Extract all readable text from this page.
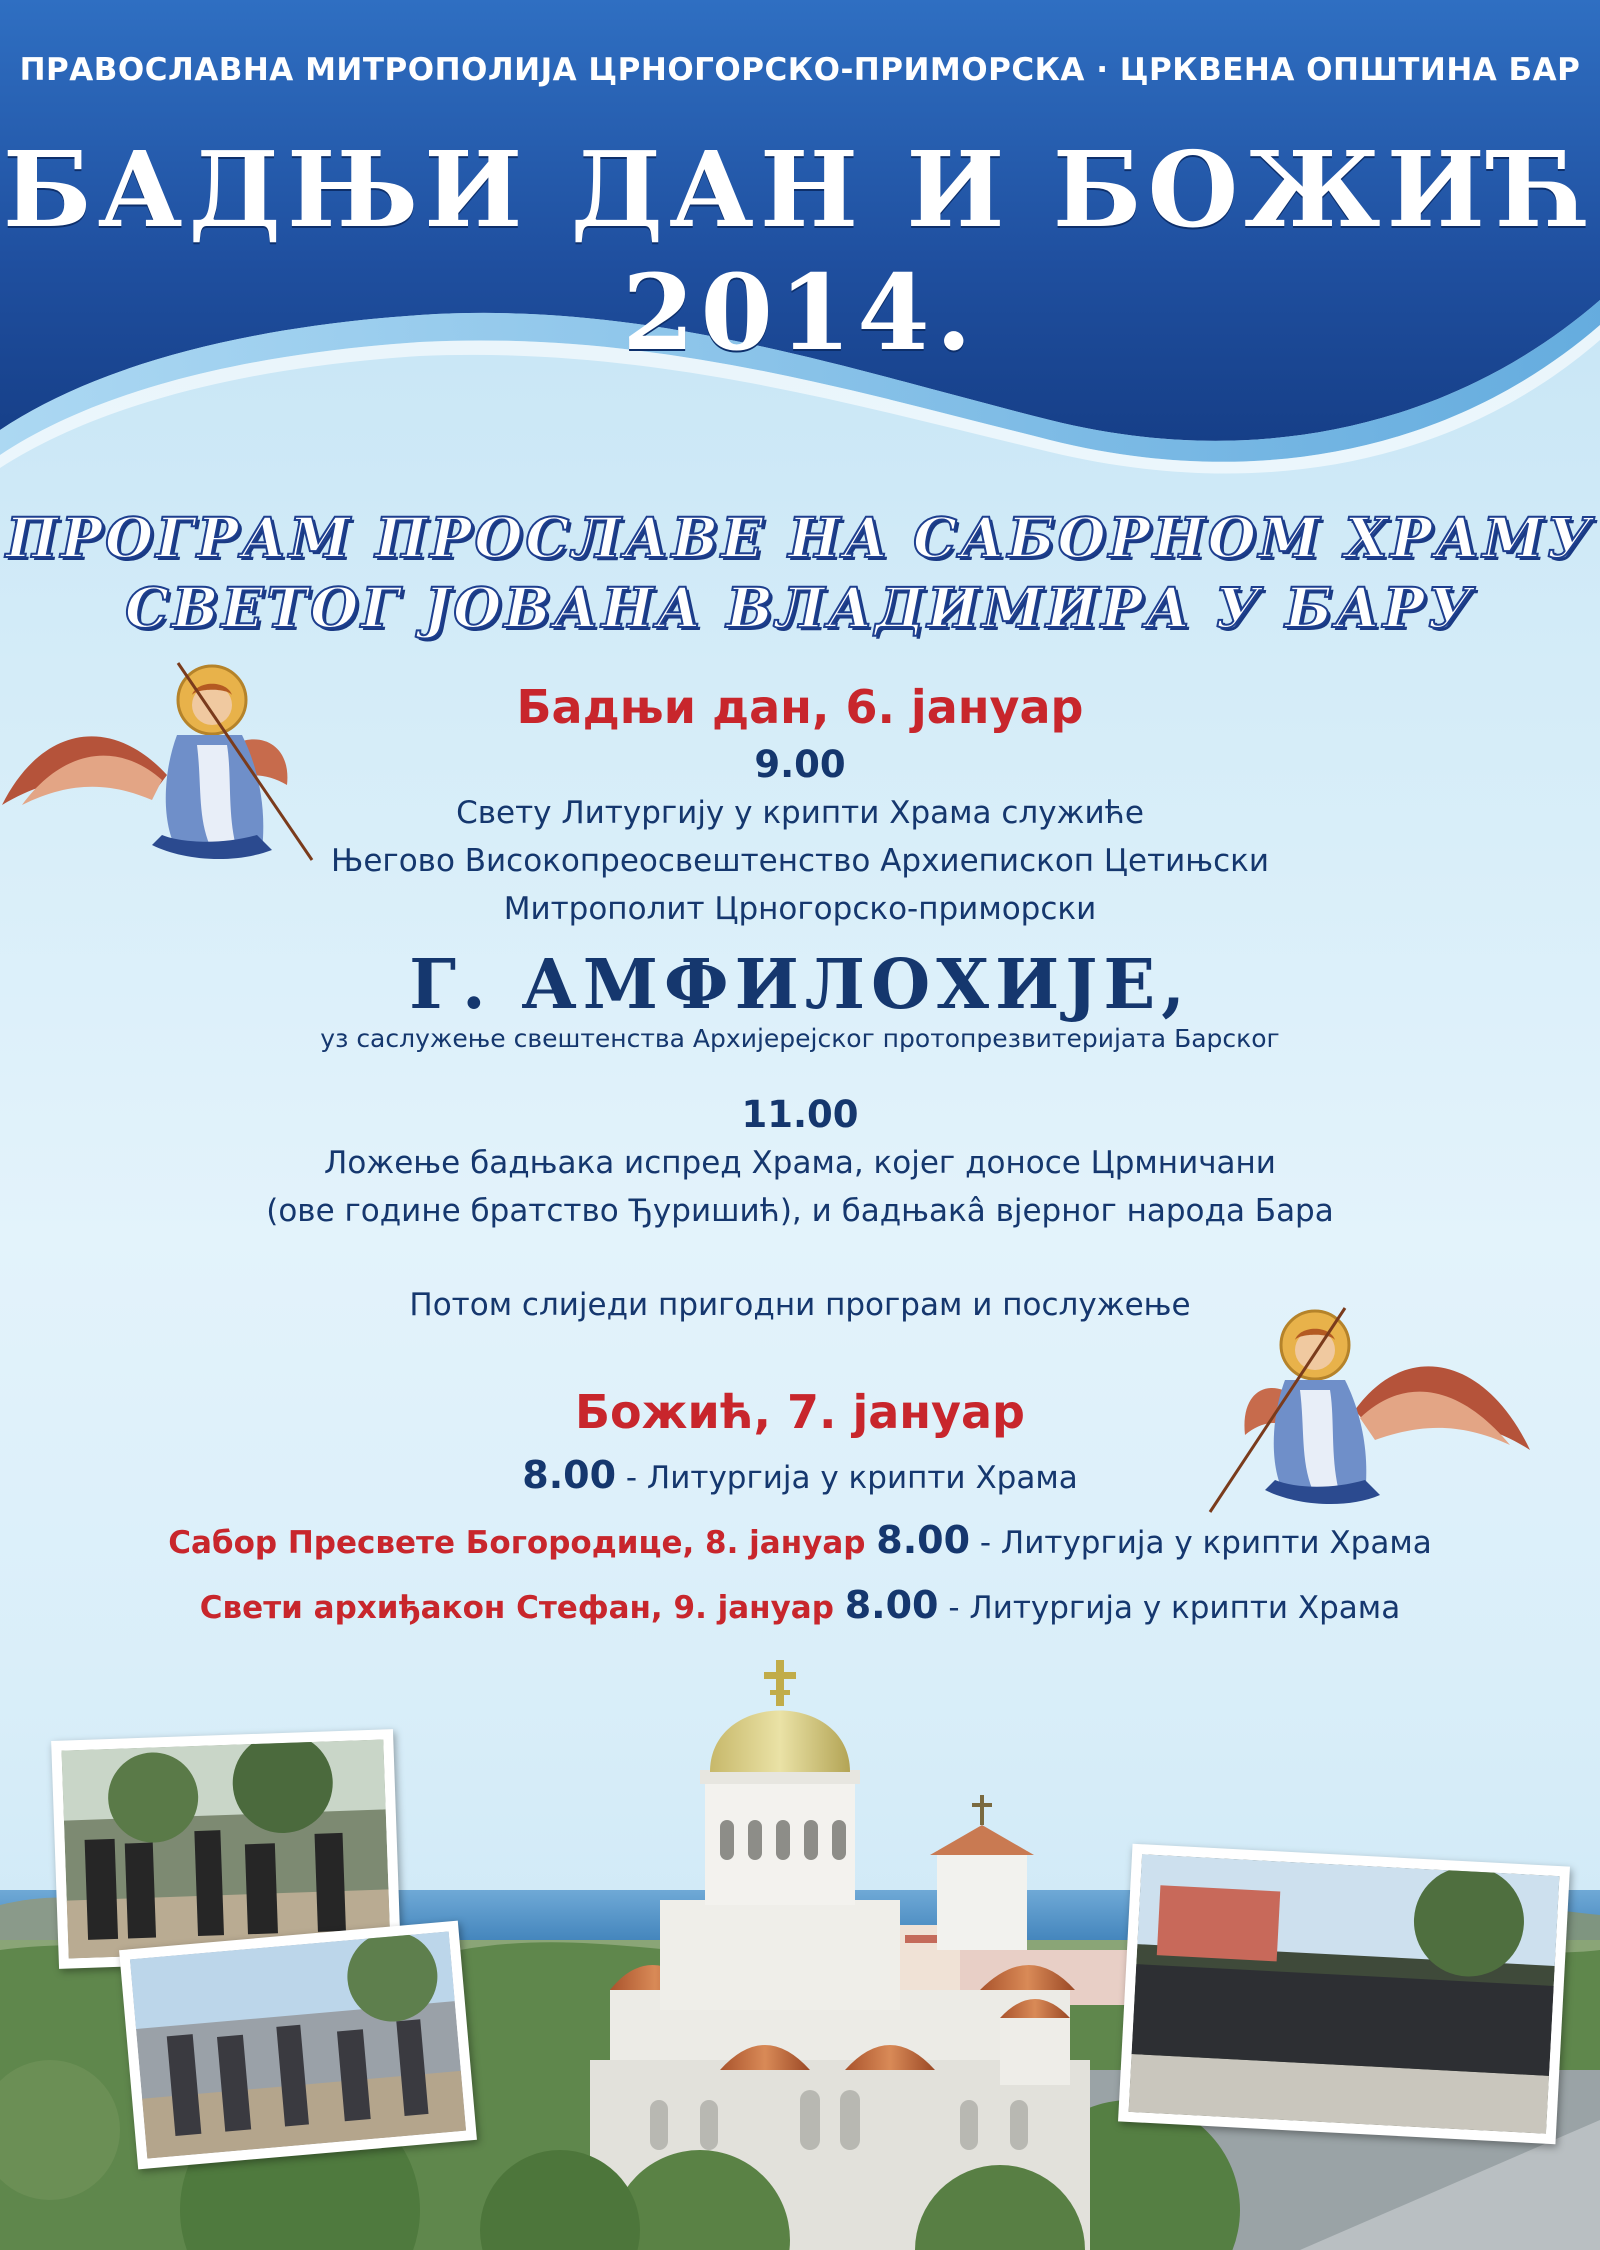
ПРАВОСЛАВНА МИТРОПОЛИЈА ЦРНОГОРСКО-ПРИМОРСКА · ЦРКВЕНА ОПШТИНА БАР
БАДЊИ ДАН И БОЖИЋ 2014.
ПРОГРАМ ПРОСЛАВЕ НА САБОРНОМ ХРАМУ
СВЕТОГ ЈОВАНА ВЛАДИМИРА У БАРУ
Бадњи дан, 6. јануар
9.00
Свету Литургију у крипти Храма служиће
Његово Високопреосвештенство Архиепископ Цетињски
Митрополит Црногорско-приморски
Г. АМФИЛОХИЈЕ,
уз саслужење свештенства Архијерејског протопрезвитеријата Барског
11.00
Ложење бадњака испред Храма, којег доносе Црмничани
(ове године братство Ђуришић), и бадњакâ вјерног народа Бара
Потом слиједи пригодни програм и послужење
Божић, 7. јануар
8.00 - Литургија у крипти Храма
Сабор Пресвете Богородице, 8. јануар 8.00 - Литургија у крипти Храма
Свети архиђакон Стефан, 9. јануар 8.00 - Литургија у крипти Храма
